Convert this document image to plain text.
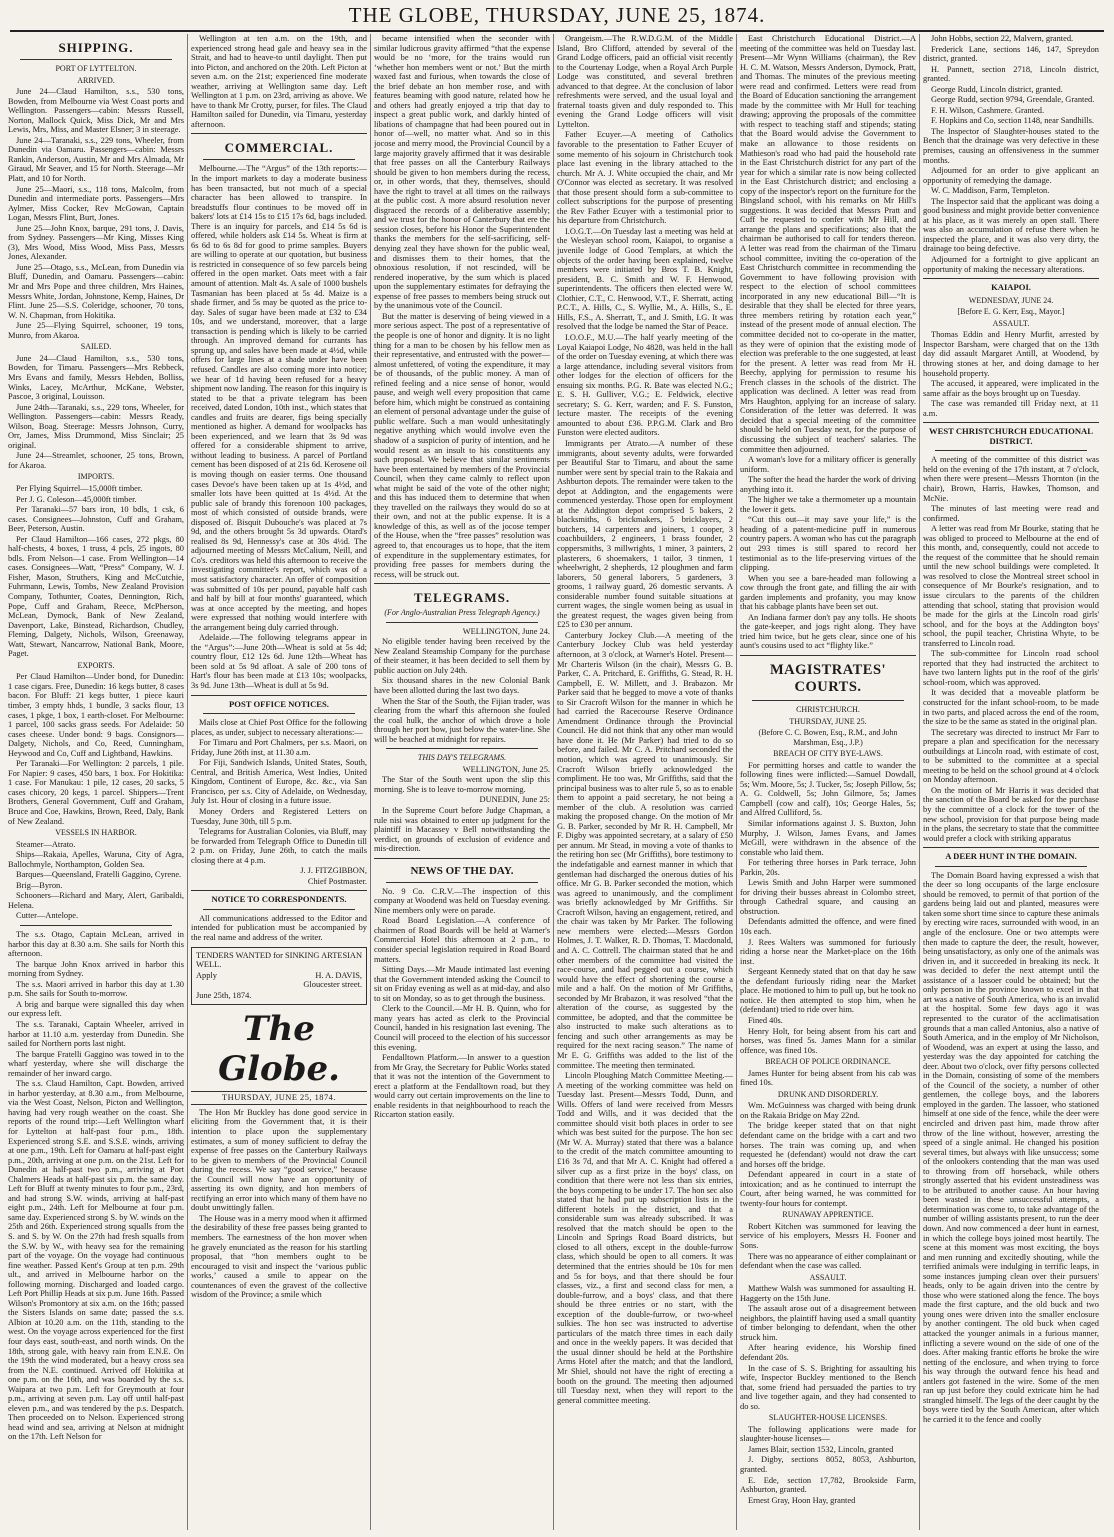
THE GLOBE, THURSDAY, JUNE 25, 1874.
SHIPPING.
PORT OF LYTTELTON.
ARRIVED.

June 24—Claud Hamilton, s.s., 530 tons, Bowden, from Melbourne via West Coast ports and Wellington. Passengers—cabin: Messrs Russell, Norton, Mallock Quick, Miss Dick, Mr and Mrs Lewis, Mrs, Miss, and Master Elsner; 3 in steerage.

June 24—Taranaki, s.s., 229 tons, Wheeler, from Dunedin via Oamaru. Passengers—cabin: Messrs Rankin, Anderson, Austin, Mr and Mrs Almada, Mr Giraud, Mr Seaver, and 15 for North. Steerage—Mr Platt, and 10 for North.

June 25—Maori, s.s., 118 tons, Malcolm, from Dunedin and intermediate ports. Passengers—Mrs Aylmer, Miss Cocker, Rev McGowan, Captain Logan, Messrs Flint, Burt, Jones.

June 25—John Knox, barque, 291 tons, J. Davis, from Sydney. Passengers—Mr King, Misses King (3), Mrs Wood, Miss Wood, Miss Pass, Messrs Jones, Alexander.

June 25—Otago, s.s., McLean, from Dunedin via Bluff, Dunedin, and Oamaru. Passengers—cabin: Mr and Mrs Pope and three children, Mrs Haines, Messrs White, Jordan, Johnstone, Kemp, Haines, Dr Flint. June 25—S.S. Coleridge, schooner, 70 tons, W. N. Chapman, from Hokitika.

June 25—Flying Squirrel, schooner, 19 tons, Munro, from Akaroa.

SAILED.

June 24—Claud Hamilton, s.s., 530 tons, Bowden, for Timaru. Passengers—Mrs Rebbeck, Mrs Evans and family, Messrs Hebden, Bolliss, Winks, Lacey, McArthur, McKane, Webster, Pascoe, 3 original, Louisson.

June 24th—Taranaki, s.s., 229 tons, Wheeler, for Wellington. Passengers—cabin: Messrs Ready, Wilson, Boag. Steerage: Messrs Johnson, Curry, Orr, James, Miss Drummond, Miss Sinclair; 25 original.

June 24—Streamlet, schooner, 25 tons, Brown, for Akaroa.

IMPORTS.

Per Flying Squirrel—15,000ft timber.

Per J. G. Coleson—45,000ft timber.

Per Taranaki—57 bars iron, 10 bdls, 1 csk, 6 cases. Consignees—Johnston, Cuff and Graham, Beer, Peterson, Austin.

Per Claud Hamilton—166 cases, 272 pkgs, 80 half-chests, 4 boxes, 1 truss, 4 pcls, 25 ingots, 80 bdls. From Nelson—1 case. From Wellington—14 cases. Consignees—Watt, “Press” Company, W. J. Fisher, Mason, Struthers, King and McCutchie, Fuhrmann, Lewis, Tombs, New Zealand Provision Company, Tothunter, Coates, Dennington, Rich, Pope, Cuff and Graham, Reece, McPherson, McLean, Dymock, Bank of New Zealand, Davenport, Lake, Binstead, Richardson, Chudley, Fleming, Dalgety, Nichols, Wilson, Greenaway, Watt, Stewart, Nancarrow, National Bank, Moore, Paget.

EXPORTS.

Per Claud Hamilton—Under bond, for Dunedin: 1 case cigars. Free, Dunedin: 16 kegs butter, 8 cases bacon. For Bluff: 21 kegs butter, 1 piece kauri timber, 3 empty hhds, 1 bundle, 3 sacks flour, 13 cases, 1 pkge, 1 box, 1 earth-closet. For Melbourne: 1 parcel, 100 sacks grass seeds. For Adelaide: 50 cases cheese. Under bond: 9 bags. Consignors—Dalgety, Nichols, and Co, Reed, Cunningham, Heywood and Co, Cuff and Lightband, Hawkins.

Per Taranaki—For Wellington: 2 parcels, 1 pile. For Napier: 9 cases, 450 bars, 1 box. For Hokitika: 1 case. For Manukau: 1 pile, 12 cases, 20 sacks, 5 cases chicory, 20 kegs, 1 parcel. Shippers—Trent Brothers, General Government, Cuff and Graham, Bruce and Coe, Hawkins, Brown, Reed, Daly, Bank of New Zealand.

VESSELS IN HARBOR.

Steamer—Atrato.

Ships—Rakaia, Apelles, Waruna, City of Agra, Ballochmyle, Northampton, Golden Sea.

Barques—Queensland, Fratelli Gaggino, Cyrene.

Brig—Byron.

Schooners—Richard and Mary, Alert, Garibaldi, Helena.

Cutter—Antelope.

The s.s. Otago, Captain McLean, arrived in harbor this day at 8.30 a.m. She sails for North this afternoon.

The barque John Knox arrived in harbor this morning from Sydney.

The s.s. Maori arrived in harbor this day at 1.30 p.m. She sails for South to-morrow.

A brig and barque were signalled this day when our express left.

The s.s. Taranaki, Captain Wheeler, arrived in harbor at 11.10 a.m. yesterday from Dunedin. She sailed for Northern ports last night.

The barque Fratelli Gaggino was towed in to the wharf yesterday, where she will discharge the remainder of her inward cargo.

The s.s. Claud Hamilton, Capt. Bowden, arrived in harbor yesterday, at 8.30 a.m., from Melbourne, via the West Coast, Nelson, Picton and Wellington, having had very rough weather on the coast. She reports of the round trip:—Left Wellington wharf for Lyttelton at half-past four p.m., 18th. Experienced strong S.E. and S.S.E. winds, arriving at one p.m., 19th. Left for Oamaru at half-past eight p.m., 20th, arriving at one p.m. on the 21st. Left for Dunedin at half-past two p.m., arriving at Port Chalmers Heads at half-past six p.m. the same day. Left for Bluff at twenty minutes to four p.m., 23rd, and had strong S.W. winds, arriving at half-past eight p.m., 24th. Left for Melbourne at four p.m. same day. Experienced strong S. by W. winds on the 25th and 26th. Experienced strong squalls from the S. and S. by W. On the 27th had fresh squalls from the S.W. by W., with heavy sea for the remaining part of the voyage. On the voyage had continuous fine weather. Passed Kent's Group at ten p.m. 29th ult., and arrived in Melbourne harbor on the following morning. Discharged and loaded cargo. Left Port Phillip Heads at six p.m. June 16th. Passed Wilson's Promontory at six a.m. on the 16th; passed the Sisters Islands on same date; passed the s.s. Albion at 10.20 a.m. on the 11th, standing to the west. On the voyage across experienced for the first four days east, south-east, and north winds. On the 18th, strong gale, with heavy rain from E.N.E. On the 19th the wind moderated, but a heavy cross sea from the N.E. continued. Arrived off Hokitika at one p.m. on the 16th, and was boarded by the s.s. Waipara at two p.m. Left for Greymouth at four p.m., arriving at seven p.m. Lay off until half-past eleven p.m., and was tendered by the p.s. Despatch. Then proceeded on to Nelson. Experienced strong head wind and sea, arriving at Nelson at midnight on the 17th. Left Nelson for

Wellington at ten a.m. on the 19th, and experienced strong head gale and heavy sea in the Strait, and had to heave-to until daylight. Then put into Picton, and anchored on the 20th. Left Picton at seven a.m. on the 21st; experienced fine moderate weather, arriving at Wellington same day. Left Wellington at 1 p.m. on 23rd, arriving as above. We have to thank Mr Crotty, purser, for files. The Claud Hamilton sailed for Dunedin, via Timaru, yesterday afternoon.

COMMERCIAL.

Melbourne.—The “Argus” of the 13th reports:—In the import markets to day a moderate business has been transacted, but not much of a special character has been allowed to transpire. In breadstuffs flour continues to be moved off in bakers' lots at £14 15s to £15 17s 6d, bags included. There is an inquiry for parcels, and £14 5s 6d is offered, while holders ask £14 5s. Wheat is firm at 6s 6d to 6s 8d for good to prime samples. Buyers are willing to operate at our quotation, but business is restricted in consequence of so few parcels being offered in the open market. Oats meet with a fair amount of attention. Malt 4s. A sale of 1000 bushels Tasmanian has been placed at 5s 4d. Maize is a shade firmer, and 5s may be quoted as the price to-day. Sales of sugar have been made at £32 to £34 10s, and we understand, moreover, that a large transaction is pending which is likely to be carried through. An improved demand for currants has sprung up, and sales have been made at 4½d, while offers for large lines at a shade under have been refused. Candles are also coming more into notice; we hear of 1d having been refused for a heavy shipment now landing. The reason for this inquiry is stated to be that a private telegram has been received, dated London, 10th inst., which states that candles and fruits are dearer, figs being specially mentioned as higher. A demand for woolpacks has been experienced, and we learn that 3s 9d was offered for a considerable shipment to arrive, without leading to business. A parcel of Portland cement has been disposed of at 21s 6d. Kerosene oil is moving though on easier terms. One thousand cases Devoe's have been taken up at 1s 4½d, and smaller lots have been quitted at 1s 4½d. At the public sale of brandy this forenoon 100 packages, most of which consisted of outside brands, were disposed of. Bisquit Dubouche's was placed at 7s 9d, and the others brought 5s 3d upwards. Otard's realised 8s 9d, Hennessy's case at 30s 4½d. The adjourned meeting of Messrs McCalium, Neill, and Co's. creditors was held this afternoon to receive the investigating committee's report, which was of a most satisfactory character. An offer of composition was submitted of 10s per pound, payable half cash and half by bill at four months' guaranteed, which was at once accepted by the meeting, and hopes were expressed that nothing would interfere with the arrangement being duly carried through.

Adelaide.—The following telegrams appear in the “Argus”:—June 20th—Wheat is sold at 5s 4d; country flour, £12 12s 6d. June 12th—Wheat has been sold at 5s 9d afloat. A sale of 200 tons of Hart's flour has been made at £13 10s; woolpacks, 3s 9d. June 13th—Wheat is dull at 5s 9d.

POST OFFICE NOTICES.

Mails close at Chief Post Office for the following places, as under, subject to necessary alterations:—

For Timaru and Port Chalmers, per s.s. Maori, on Friday, June 26th inst, at 11.30 a.m.

For Fiji, Sandwich Islands, United States, South, Central, and British America, West Indies, United Kingdom, Continent of Europe, &c. &c., via San Francisco, per s.s. City of Adelaide, on Wednesday, July 1st. Hour of closing in a future issue.

Money Orders and Registered Letters on Tuesday, June 30th, till 5 p.m.

Telegrams for Australian Colonies, via Bluff, may be forwarded from Telegraph Office to Dunedin till 2 p.m. on Friday, June 26th, to catch the mails closing there at 4 p.m.

J. J. FITZGIBBON,

Chief Postmaster.

NOTICE TO CORRESPONDENTS.

All communications addressed to the Editor and intended for publication must be accompanied by the real name and address of the writer.

TENDERS WANTED for SINKING ARTESIAN WELL.

Apply	H. A. DAVIS,

Gloucester street.

June 25th, 1874.

The Globe.
THURSDAY, JUNE 25, 1874.

The Hon Mr Buckley has done good service in eliciting from the Government that, it is their intention to place upon the supplementary estimates, a sum of money sufficient to defray the expense of free passes on the Canterbury Railways to be given to members of the Provincial Council during the recess. We say “good service,” because the Council will now have an opportunity of asserting its own dignity, and hon members of rectifying an error into which many of them have no doubt unwittingly fallen.

The House was in a merry mood when it affirmed the desirability of these free passes being granted to members. The earnestness of the hon mover when he gravely enunciated as the reason for his startling proposal, that “hon members ought to be encouraged to visit and inspect the ‘various public works,’ caused a smile to appear on the countenances of even the gravest of the collective wisdom of the Province; a smile which

became intensified when the seconder with similar ludicrous gravity affirmed “that the expense would be no ‘more, for the trains would run ‘whether hon members went or not.’ But the mirth waxed fast and furious, when towards the close of the brief debate an hon member rose, and with features beaming with good nature, related how he and others had greatly enjoyed a trip that day to inspect a great public work, and darkly hinted of libations of champagne that had been poured out in honor of—well, no matter what. And so in this jocose and merry mood, the Provincial Council by a large majority gravely affirmed that it was desirable that free passes on all the Canterbury Railways should be given to hon members during the recess, or, in other words, that they, themselves, should have the right to travel at all times on the railways at the public cost. A more absurd resolution never disgraced the records of a deliberative assembly; and we trust for the honor of Canterbury that ere the session closes, before his Honor the Superintendent thanks the members for the self-sacrificing, self-denying zeal they have shown for the public weal, and dismisses them to their homes, that the obnoxious resolution, if not rescinded, will be rendered inoperative, by the sum which is placed upon the supplementary estimates for defraying the expense of free passes to members being struck out by the unanimous vote of the Council.

But the matter is deserving of being viewed in a more serious aspect. The post of a representative of the people is one of honor and dignity. It is no light thing for a man to be chosen by his fellow men as their representative, and entrusted with the power—almost unfettered, of voting the expenditure, it may be of thousands, of the public money. A man of refined feeling and a nice sense of honor, would pause, and weigh well every proposition that came before him, which might be construed as containing an element of personal advantage under the guise of public welfare. Such a man would unhesitatingly negative anything which would involve even the shadow of a suspicion of purity of intention, and he would resent as an insult to his constituents any such proposal. We believe that similar sentiments have been entertained by members of the Provincial Council, when they came calmly to reflect upon what might be said of the vote of the other night; and this has induced them to determine that when they travelled on the railways they would do so at their own, and not at the public expense. It is a knowledge of this, as well as of the jocose temper of the House, when the “free passes” resolution was agreed to, that encourages us to hope, that the item of expenditure in the supplementary estimates, for providing free passes for members during the recess, will be struck out.

TELEGRAMS.
(For Anglo-Australian Press Telegraph Agency.)

WELLINGTON, June 24.

No eligible tender having been received by the New Zealand Steamship Company for the purchase of their steamer, it has been decided to sell them by public auction on July 24th.

Six thousand shares in the new Colonial Bank have been allotted during the last two days.

When the Star of the South, the Fijian trader, was clearing from the wharf this afternoon she fouled the coal hulk, the anchor of which drove a hole through her port bow, just below the water-line. She will be beached at midnight for repairs.

THIS DAY'S TELEGRAMS.

WELLINGTON, June 25.

The Star of the South went upon the slip this morning. She is to leave to-morrow morning.

DUNEDIN, June 25:

In the Supreme Court before Judge Chapman, a rule nisi was obtained to enter up judgment for the plaintiff in Macassey v Bell notwithstanding the verdict, on grounds of exclusion of evidence and mis-direction.

NEWS OF THE DAY.

No. 9 Co. C.R.V.—The inspection of this company at Woodend was held on Tuesday evening. Nine members only were on parade.

Road Board Legislation.—A conference of chairmen of Road Boards will be held at Warner's Commercial Hotel this afternoon at 2 p.m., to consider special legislation required in Road Board matters.

Sitting Days.—Mr Maude intimated last evening that the Government intended asking the Council to sit on Friday evening as well as at mid-day, and also to sit on Monday, so as to get through the business.

Clerk to the Council.—Mr H. B. Quinn, who for many years has acted as clerk to the Provincial Council, handed in his resignation last evening. The Council will proceed to the election of his successor this evening.

Fendalltown Platform.—In answer to a question from Mr Gray, the Secretary for Public Works stated that it was not the intention of the Government to erect a platform at the Fendalltown road, but they would carry out certain improvements on the line to enable residents in that neighbourhood to reach the Riccarton station easily.

Orangeism.—The R.W.D.G.M. of the Middle Island, Bro Clifford, attended by several of the Grand Lodge officers, paid an official visit recently to the Courtenay Lodge, when a Royal Arch Purple Lodge was constituted, and several brethren advanced to that degree. At the conclusion of labor refreshments were served, and the usual loyal and fraternal toasts given and duly responded to. This evening the Grand Lodge officers will visit Lyttelton.

Father Ecuyer.—A meeting of Catholics favorable to the presentation to Father Ecuyer of some memento of his sojourn in Christchurch took place last evening in the library attached to the church. Mr A. J. White occupied the chair, and Mr O'Connor was elected as secretary. It was resolved that those present should form a sub-committee to collect subscriptions for the purpose of presenting the Rev Father Ecuyer with a testimonial prior to his departure from Christchurch.

I.O.G.T.—On Tuesday last a meeting was held at the Wesleyan school room, Kaiapoi, to organise a juvenile lodge of Good Templars, at which the objects of the order having been explained, twelve members were initiated by Bros T. B. Knight, president, B. C. Smith and W. F. Henwood, superintendents. The officers then elected were W. Clothier, C.T., C. Henwood, V.T., F. Sherratt, acting P.C.T., A. Hills, C., S. Wyllie, M., A. Hills, S., E. Hills, F.S., A. Sherratt, T., and J. Smith, I.G. It was resolved that the lodge be named the Star of Peace.

I.O.O.F., M.U.—The half yearly meeting of the Loyal Kaiapoi Lodge, No 4828, was held in the hall of the order on Tuesday evening, at which there was a large attendance, including several visitors from other lodges for the election of officers for the ensuing six months. P.G. R. Bate was elected N.G.; E. S. H. Gulliver, V.G.; E. Feldwick, elective secretary; S. G. Kerr, warden; and F. S. Funston, lecture master. The receipts of the evening amounted to about £36. P.P.G.M. Clark and Bro Funston were elected auditors.

Immigrants per Atrato.—A number of these immigrants, about seventy adults, were forwarded per Beautiful Star to Timaru, and about the same number were sent by special train to the Rakaia and Ashburton depots. The remainder were taken to the depot at Addington, and the engagements were commenced yesterday. Those open for employment at the Addington depot comprised 5 bakers, 2 blacksmiths, 6 brickmakers, 5 bricklayers, 2 butchers, 14 carpenters and joiners, 1 cooper, 3 coachbuilders, 2 engineers, 1 brass founder, 2 coppersmiths, 3 millwrights, 1 miner, 3 painters, 2 plasterers, 6 shoemakers, 1 tailor, 3 tinmen, 1 wheelwright, 2 shepherds, 12 ploughmen and farm laborers, 50 general laborers, 5 gardeners, 3 grooms, 1 railway guard, 26 domestic servants. A considerable number found suitable situations at current wages, the single women being as usual in the greatest request, the wages given being from £25 to £30 per annum.

Canterbury Jockey Club.—A meeting of the Canterbury Jockey Club was held yesterday afternoon, at 3 o'clock, at Warner's Hotel. Present—Mr Charteris Wilson (in the chair), Messrs G. B. Parker, C. A. Pritchard, E. Griffiths, G. Stead, R. H. Campbell, E. W. Millett, and J. Brabazon. Mr Parker said that he begged to move a vote of thanks to Sir Cracroft Wilson for the manner in which he had carried the Racecourse Reserve Ordinance Amendment Ordinance through the Provincial Council. He did not think that any other man would have done it. He (Mr Parker) had tried to do so before, and failed. Mr C. A. Pritchard seconded the motion, which was agreed to unanimously. Sir Cracroft Wilson briefly acknowledged the compliment. He too was, Mr Griffiths, said that the principal business was to alter rule 5, so as to enable them to appoint a paid secretary, he not being a member of the club. A resolution was carried making the proposed change. On the motion of Mr G. B. Parker, seconded by Mr R. H. Campbell, Mr F. Digby was appointed secretary, at a salary of £50 per annum. Mr Stead, in moving a vote of thanks to the retiring hon sec (Mr Griffiths), bore testimony to the indefatigable and earnest manner in which that gentleman had discharged the onerous duties of his office. Mr G. B. Parker seconded the motion, which was agreed to unanimously, and the compliment was briefly acknowledged by Mr Griffiths. Sir Cracroft Wilson, having an engagement, retired, and the chair was taken by Mr Parker. The following new members were elected:—Messrs Gordon Holmes, J. T. Walker, R. D. Thomas, T. Macdonald, and A. C. Cottrell. The chairman stated that he and other members of the committee had visited the race-course, and had pegged out a course, which would have the effect of shortening the course a mile and a half. On the motion of Mr Griffiths, seconded by Mr Brabazon, it was resolved “that the alteration of the course, as suggested by the committee, be adopted, and that the committee be also instructed to make such alterations as to fencing and such other arrangements as may be required for the next racing season.” The name of Mr E. G. Griffiths was added to the list of the committee. The meeting then terminated.

Lincoln Ploughing Match Committee Meeting.—A meeting of the working committee was held on Tuesday last. Present—Messrs Todd, Dunn, and Wills. Offers of land were received from Messrs Todd and Wills, and it was decided that the committee should visit both places in order to see which was best suited for the purpose. The hon sec (Mr W. A. Murray) stated that there was a balance to the credit of the match committee amounting to £16 3s 7d, and that Mr A. C. Knight had offered a silver cup as a first prize in the boys' class, on condition that there were not less than six entries, the boys competing to be under 17. The hon sec also stated that he had put up subscription lists in the different hotels in the district, and that a considerable sum was already subscribed. It was resolved that the match should be open to the Lincoln and Springs Road Board districts, but closed to all others, except in the double-furrow class, which should be open to all comers. It was determined that the entries should be 10s for men and 5s for boys, and that there should be four classes, viz., a first and second class for men, a double-furrow, and a boys' class, and that there should be three entries or no start, with the exception of the double-furrow, or two-wheel sulkies. The hon sec was instructed to advertise particulars of the match three times in each daily and once in the weekly papers. It was decided that the usual dinner should be held at the Porthshire Arms Hotel after the match; and that the landlord, Mr Shiel, should not have the right of erecting a booth on the ground. The meeting then adjourned till Tuesday next, when they will report to the general committee meeting.

East Christchurch Educational District.—A meeting of the committee was held on Tuesday last. Present—Mr Wynn Williams (chairman), the Rev H. C. M. Watson, Messrs Anderson, Dymock, Pratt, and Thomas. The minutes of the previous meeting were read and confirmed. Letters were read from the Board of Education sanctioning the arrangement made by the committee with Mr Hull for teaching drawing; approving the proposals of the committee with respect to teaching staff and stipends; stating that the Board would advise the Government to make an allowance to those residents on Mathieson's road who had paid the household rate in the East Christchurch district for any part of the year for which a similar rate is now being collected in the East Christchurch district; and enclosing a copy of the inspector's report on the furniture for the Bingsland school, with his remarks on Mr Hill's suggestions. It was decided that Messrs Pratt and Cuff be requested to confer with Mr Hill, and arrange the plans and specifications; also that the chairman be authorised to call for tenders thereon. A letter was read from the chairman of the Timaru school committee, inviting the co-operation of the East Christchurch committee in recommending the Government to have following provision with respect to the election of school committees incorporated in any new educational Bill—“It is desirable that they shall be elected for three years, three members retiring by rotation each year,” instead of the present mode of annual election. The committee decided not to co-operate in the matter, as they were of opinion that the existing mode of election was preferable to the one suggested, at least for the present. A letter was read from Mr H. Beechy, applying for permission to resume his French classes in the schools of the district. The application was declined. A letter was read from Mrs Haughton, applying for an increase of salary. Consideration of the letter was deferred. It was decided that a special meeting of the committee should be held on Tuesday next, for the purpose of discussing the subject of teachers' salaries. The committee then adjourned.

A woman's love for a military officer is generally uniform.

The softer the head the harder the work of driving anything into it.

The higher we take a thermometer up a mountain the lower it gets.

“Cut this out—it may save your life,” is the heading of a patent-medicine puff in numerous country papers. A woman who has cut the paragraph out 293 times is still spared to record her testimonial as to the life-preserving virtues of the clipping.

When you see a bare-headed man following a cow through the front gate, and filling the air with garden implements and profanity, you may know that his cabbage plants have been set out.

An Indiana farmer don't pay any tolls. He shoots the gate-keeper, and jogs right along. They have tried him twice, but he gets clear, since one of his aunt's cousins used to act “flighty like.”

MAGISTRATES' COURTS.
CHRISTCHURCH.
THURSDAY, JUNE 25.
(Before C. C. Bowen, Esq., R.M., and John Marshman, Esq., J.P.)
BREACH OF CITY BYE-LAWS.

For permitting horses and cattle to wander the following fines were inflicted:—Samuel Dowdall, 5s; Wm. Moore, 5s; J. Tucker, 5s; Joseph Pillow, 5s; A. G. Coldwell, 5s; John Gilmore, 5s; James Campbell (cow and calf), 10s; George Hales, 5s; and Alfred Culliford, 5s.

Similar informations against J. S. Buxton, John Murphy, J. Wilson, James Evans, and James McGill, were withdrawn in the absence of the constable who laid them.

For tethering three horses in Park terrace, John Parkin, 20s.

Lewis Smith and John Harper were summoned for driving their busses abreast in Colombo street, through Cathedral square, and causing an obstruction.

Defendants admitted the offence, and were fined 10s each.

J. Rees Walters was summoned for furiously riding a horse near the Market-place on the 16th inst.

Sergeant Kennedy stated that on that day he saw the defendant furiously riding near the Market place. He motioned to him to pull up, but he took no notice. He then attempted to stop him, when he (defendant) tried to ride over him.

Fined 40s.

Henry Holt, for being absent from his cart and horses, was fined 5s. James Mann for a similar offence, was fined 10s.

BREACH OF POLICE ORDINANCE.

James Hunter for being absent from his cab was fined 10s.

DRUNK AND DISORDERLY.

Wm. McGuinness was charged with being drunk on the Rakaia Bridge on May 22nd.

The bridge keeper stated that on that night defendant came on the bridge with a cart and two horses. The train was coming up, and when requested he (defendant) would not draw the cart and horses off the bridge.

Defendant appeared in court in a state of intoxication; and as he continued to interrupt the Court, after being warned, he was committed for twenty-four hours for contempt.

RUNAWAY APPRENTICE.

Robert Kitchen was summoned for leaving the service of his employers, Messrs H. Fooner and Sons.

There was no appearance of either complainant or defendant when the case was called.

ASSAULT.

Matthew Walsh was summoned for assaulting H. Haggerty on the 15th June.

The assault arose out of a disagreement between neighbors, the plaintiff having used a small quantity of timber belonging to defendant, when the other struck him.

After hearing evidence, his Worship fined defendant 20s.

In the case of S. S. Brighting for assaulting his wife, Inspector Buckley mentioned to the Bench that, some friend had persuaded the parties to try and live together again, and they had consented to do so.

SLAUGHTER-HOUSE LICENSES.

The following applications were made for slaughter-house licenses—

James Blair, section 1532, Lincoln, granted

J. Digby, sections 8052, 8053, Ashburton, granted.

E. Ede, section 17,782, Brookside Farm, Ashburton, granted.

Ernest Gray, Hoon Hay, granted

John Hobbs, section 22, Malvern, granted.

Frederick Lane, sections 146, 147, Spreydon district, granted.

H. Pannett, section 2718, Lincoln district, granted.

George Rudd, Lincoln district, granted.

George Rudd, section 9794, Greendale, Granted.

F. H. Wilson, Cashmere. Granted.

F. Hopkins and Co, section 1148, near Sandhills.

The Inspector of Slaughter-houses stated to the Bench that the drainage was very defective in these premises, causing an offensiveness in the summer months.

Adjourned for an order to give applicant an opportunity of remedying the damage.

W. C. Maddison, Farm, Templeton.

The Inspector said that the applicant was doing a good business and might provide better convenience at his place, as it was merely an open stall. There was also an accumulation of refuse there when he inspected the place, and it was also very dirty, the drainage too being defective.

Adjourned for a fortnight to give applicant an opportunity of making the necessary alterations.

KAIAPOI.
WEDNESDAY, JUNE 24.
[Before E. G. Kerr, Esq., Mayor.]
ASSAULT.

Thomas Eddin and Henry Murfit, arrested by Inspector Barsham, were charged that on the 13th day did assault Margaret Antill, at Woodend, by throwing stones at her, and doing damage to her household property.

The accused, it appeared, were implicated in the same affair as the boys brought up on Tuesday.

The case was remanded till Friday next, at 11 a.m.

WEST CHRISTCHURCH EDUCATIONAL DISTRICT.

A meeting of the committee of this district was held on the evening of the 17th instant, at 7 o'clock, when there were present—Messrs Thornton (in the chair), Brown, Harris, Hawkes, Thomson, and McNie.

The minutes of last meeting were read and confirmed.

A letter was read from Mr Bourke, stating that he was obliged to proceed to Melbourne at the end of this month, and, consequently, could not accede to the request of the committee that he should remain until the new school buildings were completed. It was resolved to close the Montreal street school in consequence of Mr Bourke's resignation, and to issue circulars to the parents of the children attending that school, stating that provision would be made for the girls at the Lincoln road girls' school, and for the boys at the Addington boys' school, the pupil teacher, Christina Whyte, to be transferred to Lincoln road.

The sub-committee for Lincoln road school reported that they had instructed the architect to have two lantern lights put in the roof of the girls' school-room, which was approved.

It was decided that a moveable platform be constructed for the infant school-room, to be made in two parts, and placed across the end of the room, the size to be the same as stated in the original plan.

The secretary was directed to instruct Mr Farr to prepare a plan and specification for the necessary outbuildings at Lincoln road, with estimate of cost, to be submitted to the committee at a special meeting to be held on the school ground at 4 o'clock on Monday afternoon.

On the motion of Mr Harris it was decided that the sanction of the Board be asked for the purchase by the committee of a clock for the tower of the new school, provision for that purpose being made in the plans, the secretary to state that the committee would prefer a clock with striking apparatus

A DEER HUNT IN THE DOMAIN.

The Domain Board having expressed a wish that the deer so long occupants of the large enclosure should be removed, to permit of that portion of the gardens being laid out and planted, measures were taken some short time since to capture these animals by erecting wire races, surrounded with wood, in an angle of the enclosure. One or two attempts were then made to capture the deer, the result, however, being unsatisfactory, as only one of the animals was driven in, and it succeeded in breaking its neck. It was decided to defer the next attempt until the assistance of a lassoer could be obtained; but the only person in the province known to excel in that art was a native of South America, who is an invalid at the hospital. Some few days ago it was represented to the curator of the acclimatisation grounds that a man called Antonius, also a native of South America, and in the employ of Mr Nicholson, of Woodend, was an expert at using the lasso, and yesterday was the day appointed for catching the deer. About two o'clock, over fifty persons collected in the Domain, consisting of some of the members of the Council of the society, a number of other gentlemen, the college boys, and the laborers employed in the garden. The lassoer, who stationed himself at one side of the fence, while the deer were encircled and driven past him, made throw after throw of the line without, however, arresting the speed of a single animal. He changed his position several times, but always with like unsuccess; some of the onlookers contending that the man was used to throwing from off horseback, while others strongly asserted that his evident unsteadiness was to be attributed to another cause. An hour having been wasted in these unsuccessful attempts, a determination was come to, to take advantage of the number of willing assistants present, to run the deer down. And now commenced a deer hunt in earnest, in which the college boys joined most heartily. The scene at this moment was most exciting, the boys and men running and excitedly shouting, while the terrified animals were indulging in terrific leaps, in some instances jumping clean over their pursuers' heads, only to be again driven into the centre by those who were stationed along the fence. The boys made the first capture, and the old buck and two young ones were driven into the smaller enclosure by another contingent. The old buck when caged attacked the younger animals in a furious manner, inflicting a severe wound on the side of one of the does. After making frantic efforts he broke the wire netting of the enclosure, and when trying to force his way through the outward fence his head and antlers got fastened in the wire. Some of the men ran up just before they could extricate him he had strangled himself. The legs of the deer caught by the boys were tied by the South American, after which he carried it to the fence and coolly
